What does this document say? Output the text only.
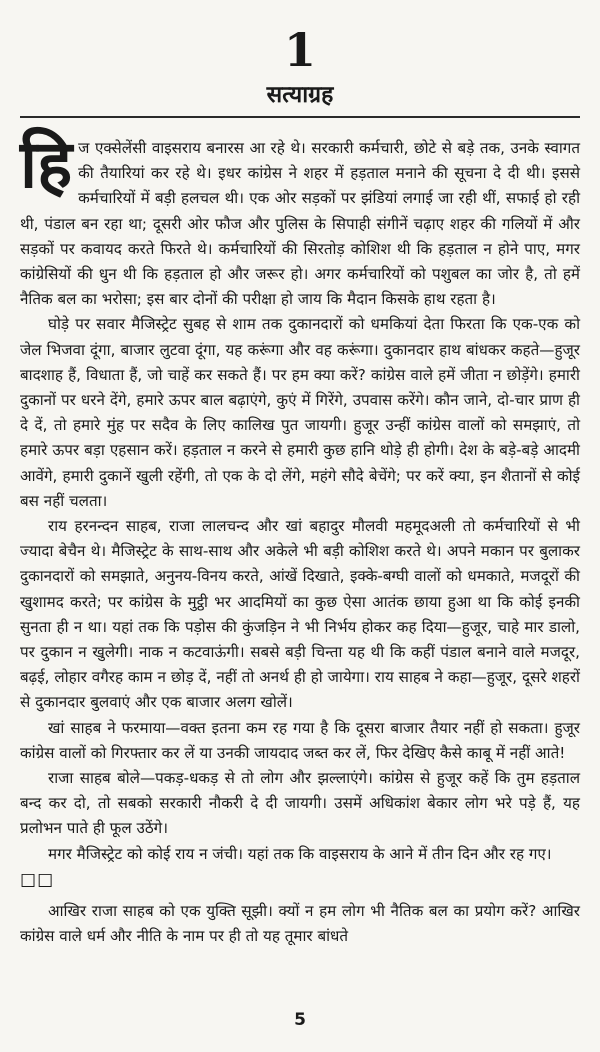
1
सत्याग्रह

हिज एक्सेलेंसी वाइसराय बनारस आ रहे थे। सरकारी कर्मचारी, छोटे से बड़े तक, उनके स्वागत की तैयारियां कर रहे थे। इधर कांग्रेस ने शहर में हड़ताल मनाने की सूचना दे दी थी। इससे कर्मचारियों में बड़ी हलचल थी। एक ओर सड़कों पर झंडियां लगाई जा रही थीं, सफाई हो रही थी, पंडाल बन रहा था; दूसरी ओर फौज और पुलिस के सिपाही संगीनें चढ़ाए शहर की गलियों में और सड़कों पर कवायद करते फिरते थे। कर्मचारियों की सिरतोड़ कोशिश थी कि हड़ताल न होने पाए, मगर कांग्रेसियों की धुन थी कि हड़ताल हो और जरूर हो। अगर कर्मचारियों को पशुबल का जोर है, तो हमें नैतिक बल का भरोसा; इस बार दोनों की परीक्षा हो जाय कि मैदान किसके हाथ रहता है।

घोड़े पर सवार मैजिस्ट्रेट सुबह से शाम तक दुकानदारों को धमकियां देता फिरता कि एक-एक को जेल भिजवा दूंगा, बाजार लुटवा दूंगा, यह करूंगा और वह करूंगा। दुकानदार हाथ बांधकर कहते—हुजूर बादशाह हैं, विधाता हैं, जो चाहें कर सकते हैं। पर हम क्या करें? कांग्रेस वाले हमें जीता न छोड़ेंगे। हमारी दुकानों पर धरने देंगे, हमारे ऊपर बाल बढ़ाएंगे, कुएं में गिरेंगे, उपवास करेंगे। कौन जाने, दो-चार प्राण ही दे दें, तो हमारे मुंह पर सदैव के लिए कालिख पुत जायगी। हुजूर उन्हीं कांग्रेस वालों को समझाएं, तो हमारे ऊपर बड़ा एहसान करें। हड़ताल न करने से हमारी कुछ हानि थोड़े ही होगी। देश के बड़े-बड़े आदमी आवेंगे, हमारी दुकानें खुली रहेंगी, तो एक के दो लेंगे, महंगे सौदे बेचेंगे; पर करें क्या, इन शैतानों से कोई बस नहीं चलता।

राय हरनन्दन साहब, राजा लालचन्द और खां बहादुर मौलवी महमूदअली तो कर्मचारियों से भी ज्यादा बेचैन थे। मैजिस्ट्रेट के साथ-साथ और अकेले भी बड़ी कोशिश करते थे। अपने मकान पर बुलाकर दुकानदारों को समझाते, अनुनय-विनय करते, आंखें दिखाते, इक्के-बग्घी वालों को धमकाते, मजदूरों की खुशामद करते; पर कांग्रेस के मुट्ठी भर आदमियों का कुछ ऐसा आतंक छाया हुआ था कि कोई इनकी सुनता ही न था। यहां तक कि पड़ोस की कुंजड़िन ने भी निर्भय होकर कह दिया—हुजूर, चाहे मार डालो, पर दुकान न खुलेगी। नाक न कटवाऊंगी। सबसे बड़ी चिन्ता यह थी कि कहीं पंडाल बनाने वाले मजदूर, बढ़ई, लोहार वगैरह काम न छोड़ दें, नहीं तो अनर्थ ही हो जायेगा। राय साहब ने कहा—हुजूर, दूसरे शहरों से दुकानदार बुलवाएं और एक बाजार अलग खोलें।

खां साहब ने फरमाया—वक्त इतना कम रह गया है कि दूसरा बाजार तैयार नहीं हो सकता। हुजूर कांग्रेस वालों को गिरफ्तार कर लें या उनकी जायदाद जब्त कर लें, फिर देखिए कैसे काबू में नहीं आते!

राजा साहब बोले—पकड़-धकड़ से तो लोग और झल्लाएंगे। कांग्रेस से हुजूर कहें कि तुम हड़ताल बन्द कर दो, तो सबको सरकारी नौकरी दे दी जायगी। उसमें अधिकांश बेकार लोग भरे पड़े हैं, यह प्रलोभन पाते ही फूल उठेंगे।

मगर मैजिस्ट्रेट को कोई राय न जंची। यहां तक कि वाइसराय के आने में तीन दिन और रह गए।

☐☐

आखिर राजा साहब को एक युक्ति सूझी। क्यों न हम लोग भी नैतिक बल का प्रयोग करें? आखिर कांग्रेस वाले धर्म और नीति के नाम पर ही तो यह तूमार बांधते

5
